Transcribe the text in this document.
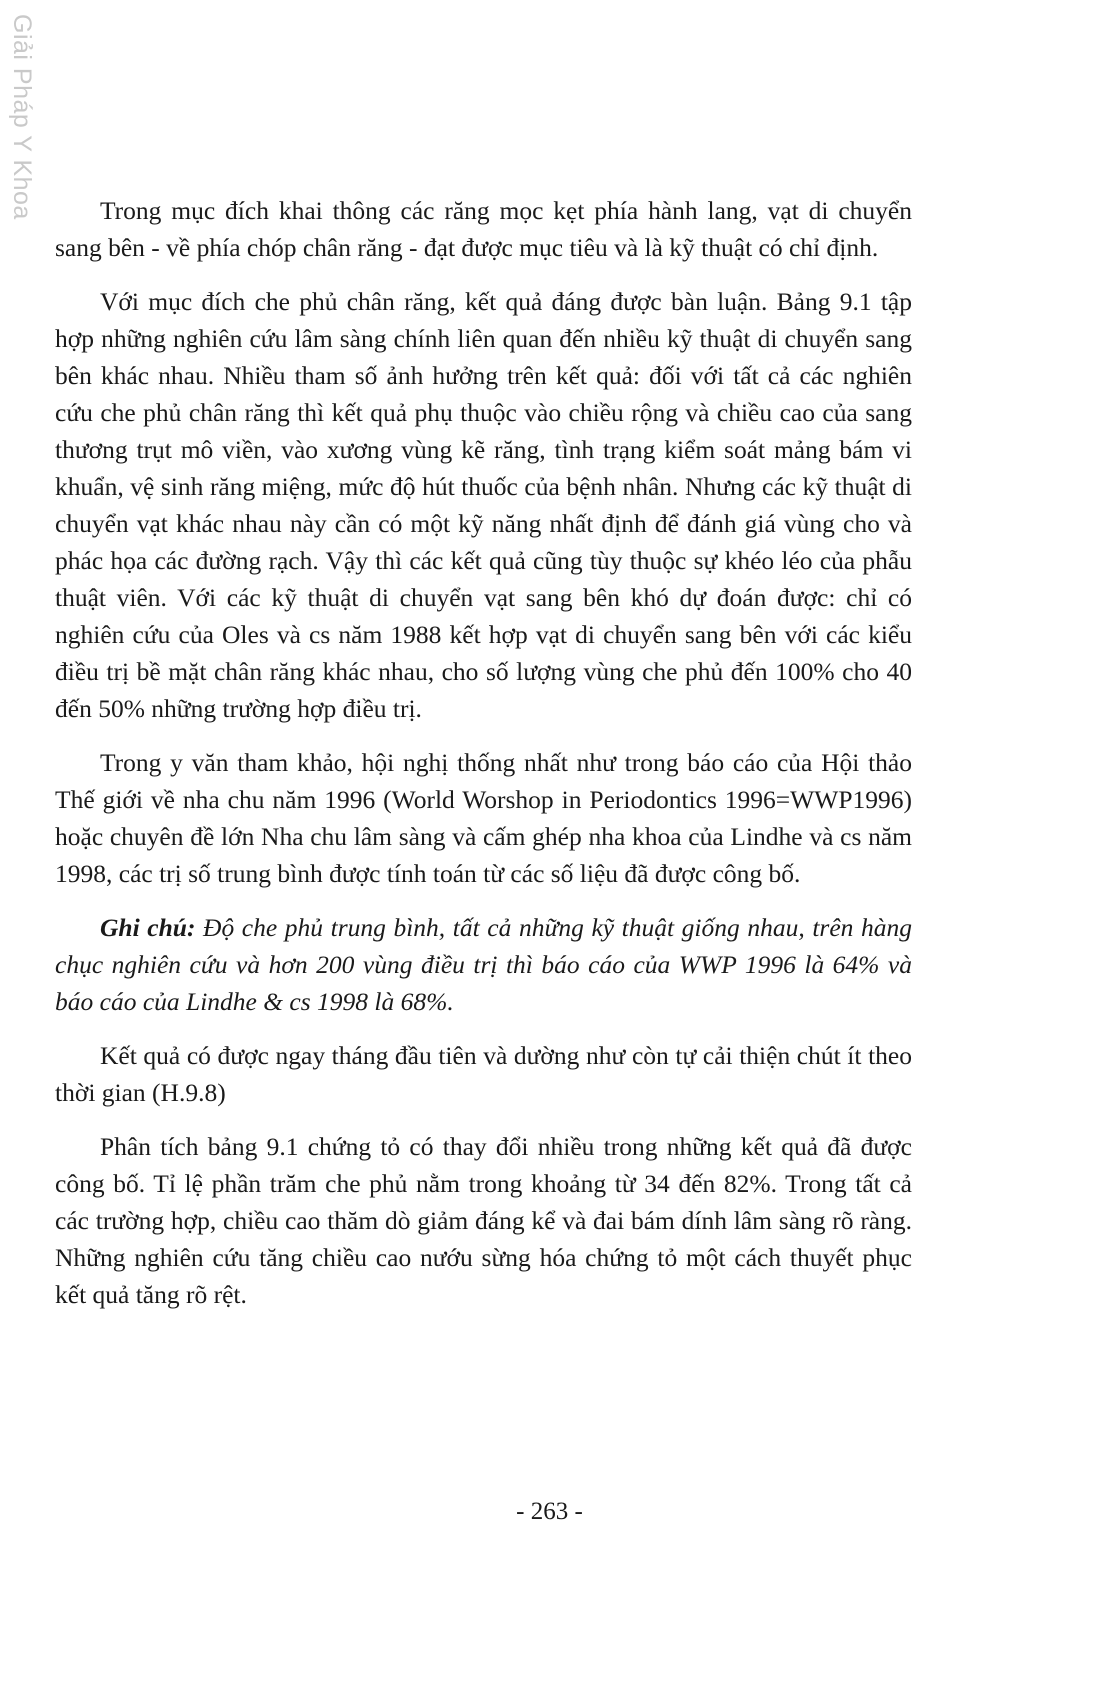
Giải Pháp Y Khoa	Trong mục đích khai thông các răng mọc kẹt phía hành lang, vạt di chuyển sang bên - về phía chóp chân răng - đạt được mục tiêu và là kỹ thuật có chỉ định.

Với mục đích che phủ chân răng, kết quả đáng được bàn luận. Bảng 9.1 tập hợp những nghiên cứu lâm sàng chính liên quan đến nhiều kỹ thuật di chuyển sang bên khác nhau. Nhiều tham số ảnh hưởng trên kết quả: đối với tất cả các nghiên cứu che phủ chân răng thì kết quả phụ thuộc vào chiều rộng và chiều cao của sang thương trụt mô viền, vào xương vùng kẽ răng, tình trạng kiểm soát mảng bám vi khuẩn, vệ sinh răng miệng, mức độ hút thuốc của bệnh nhân. Nhưng các kỹ thuật di chuyển vạt khác nhau này cần có một kỹ năng nhất định để đánh giá vùng cho và phác họa các đường rạch. Vậy thì các kết quả cũng tùy thuộc sự khéo léo của phẫu thuật viên. Với các kỹ thuật di chuyển vạt sang bên khó dự đoán được: chỉ có nghiên cứu của Oles và cs năm 1988 kết hợp vạt di chuyển sang bên với các kiểu điều trị bề mặt chân răng khác nhau, cho số lượng vùng che phủ đến 100% cho 40 đến 50% những trường hợp điều trị.

Trong y văn tham khảo, hội nghị thống nhất như trong báo cáo của Hội thảo Thế giới về nha chu năm 1996 (World Worshop in Periodontics 1996=WWP1996) hoặc chuyên đề lớn Nha chu lâm sàng và cấm ghép nha khoa của Lindhe và cs năm 1998, các trị số trung bình được tính toán từ các số liệu đã được công bố.

Ghi chú: Độ che phủ trung bình, tất cả những kỹ thuật giống nhau, trên hàng chục nghiên cứu và hơn 200 vùng điều trị thì báo cáo của WWP 1996 là 64% và báo cáo của Lindhe & cs 1998 là 68%.

Kết quả có được ngay tháng đầu tiên và dường như còn tự cải thiện chút ít theo thời gian (H.9.8)

Phân tích bảng 9.1 chứng tỏ có thay đổi nhiều trong những kết quả đã được công bố. Tỉ lệ phần trăm che phủ nằm trong khoảng từ 34 đến 82%. Trong tất cả các trường hợp, chiều cao thăm dò giảm đáng kể và đai bám dính lâm sàng rõ ràng. Những nghiên cứu tăng chiều cao nướu sừng hóa chứng tỏ một cách thuyết phục kết quả tăng rõ rệt.

- 263 -
